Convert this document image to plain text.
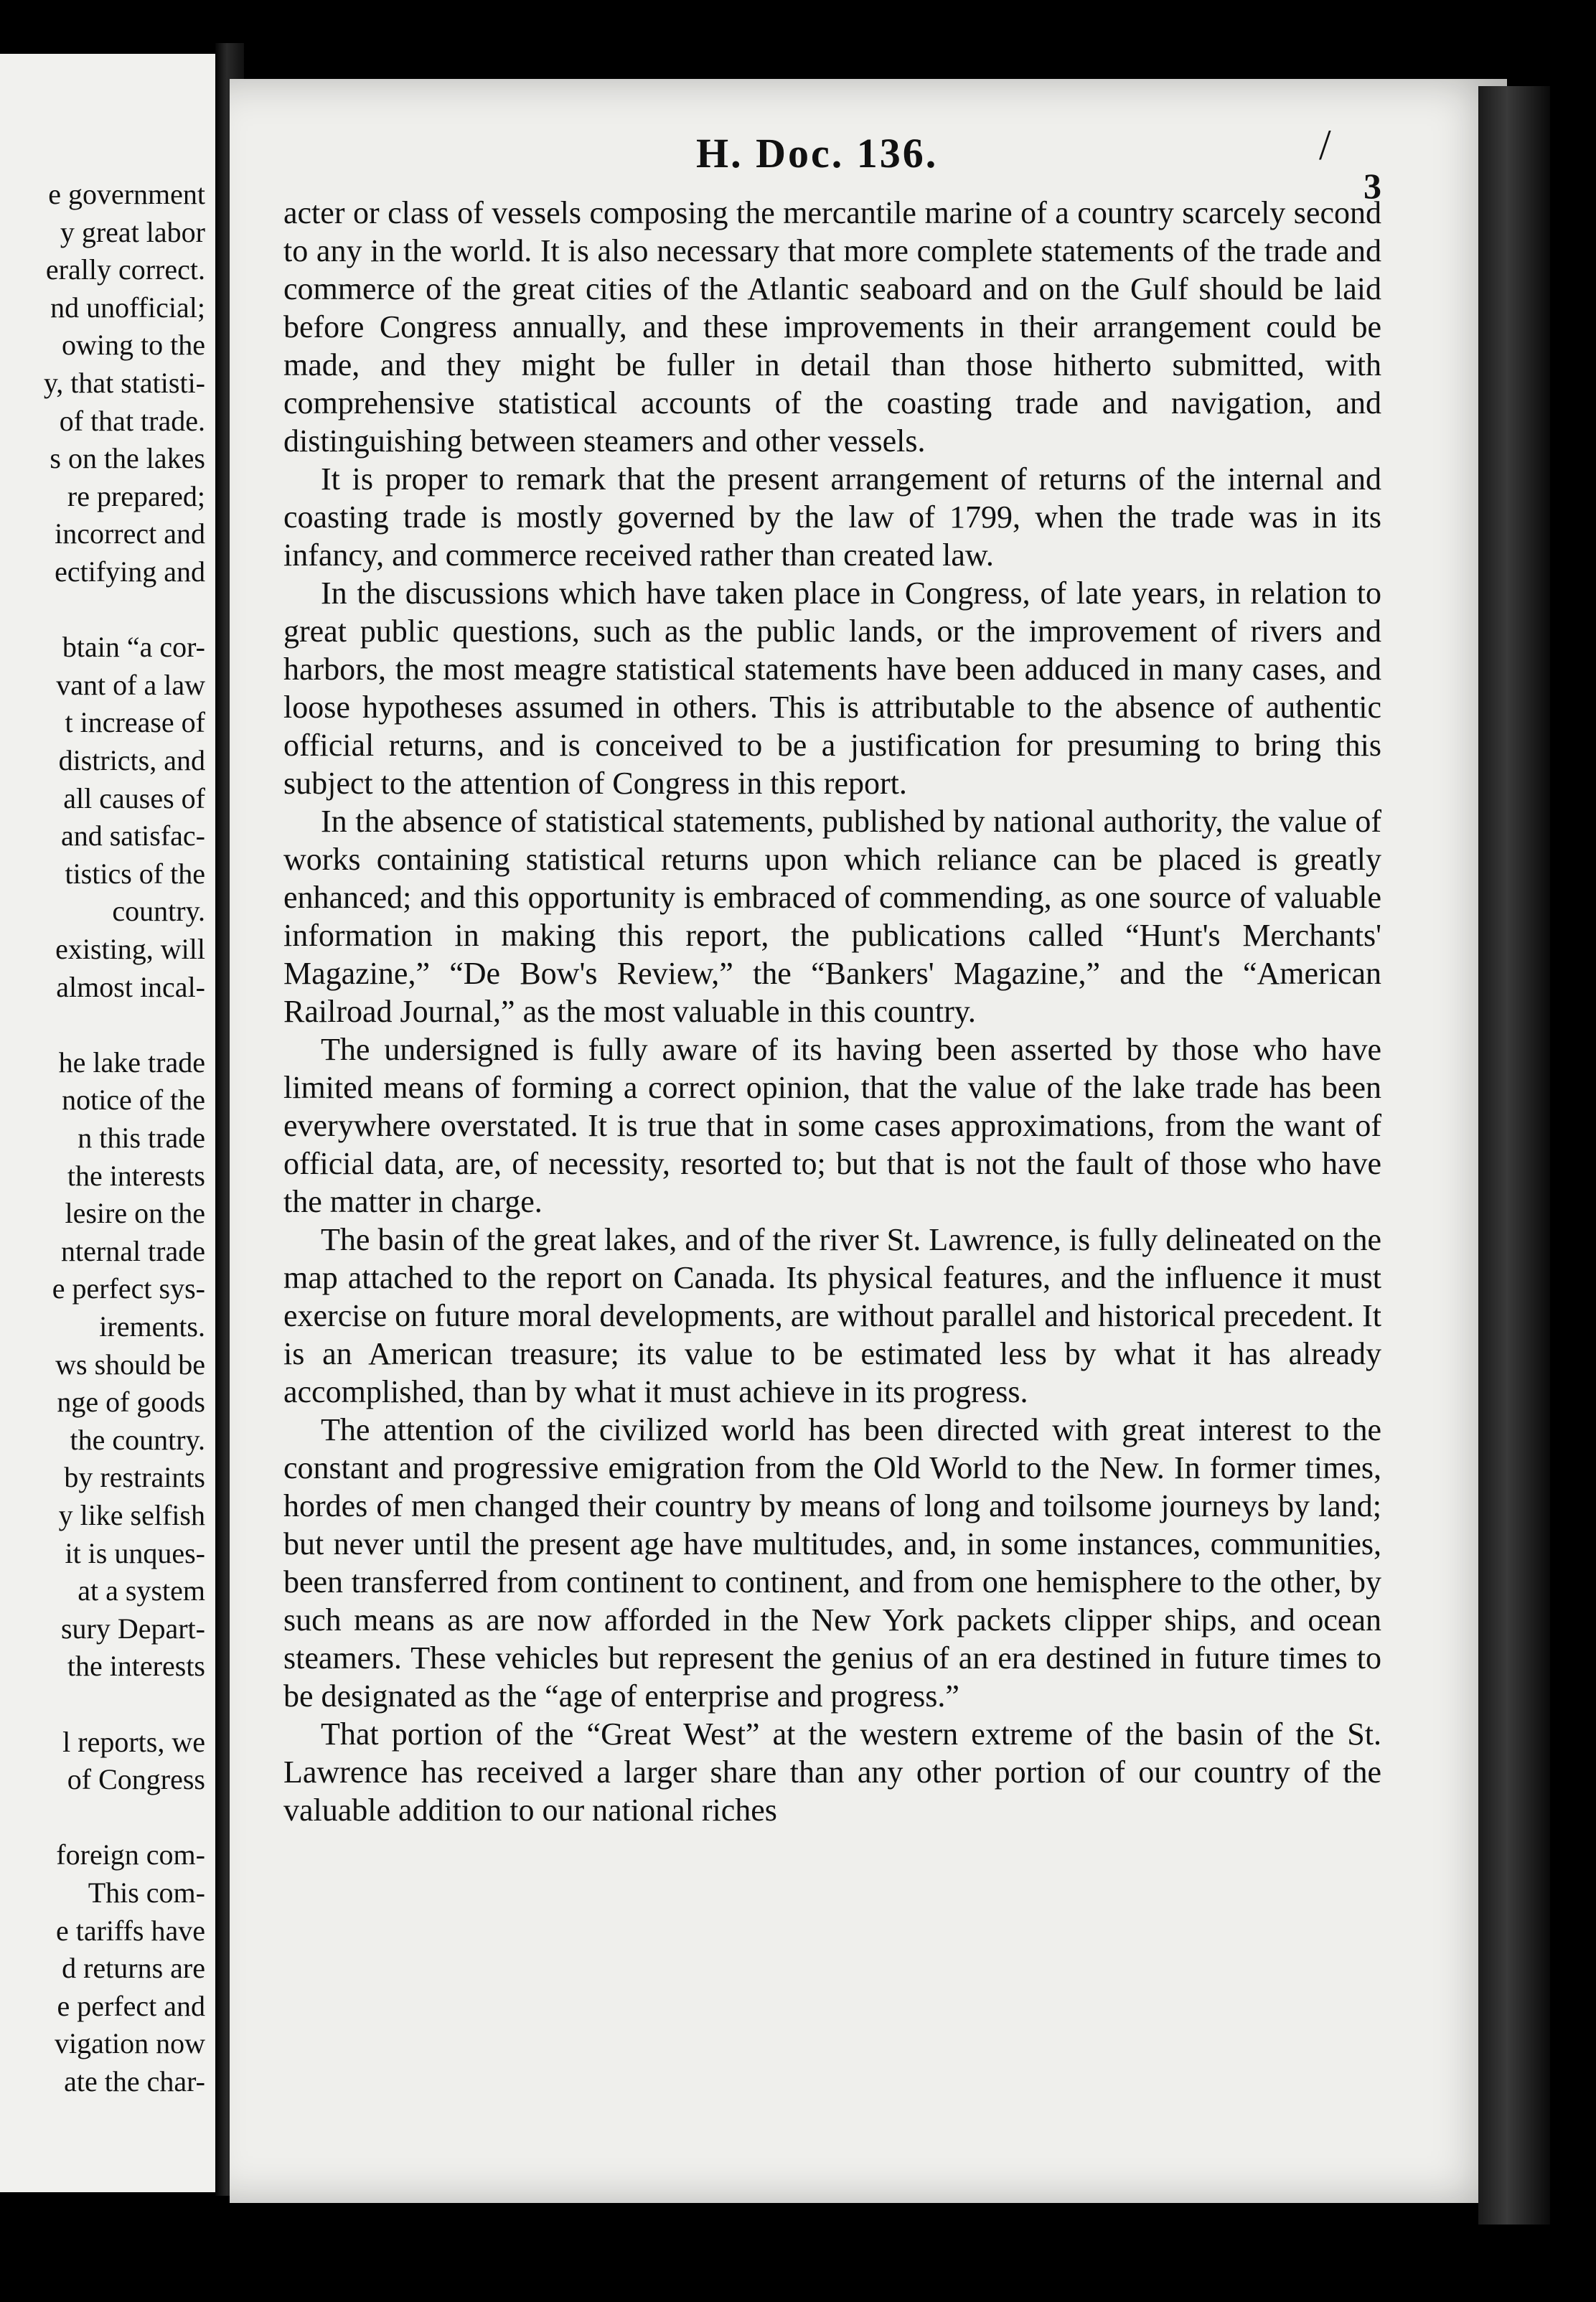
e government
y great labor
erally correct.
nd unofficial;
owing to the
y, that statisti-
of that trade.
s on the lakes
re prepared;
incorrect and
ectifying and
btain “a cor-
vant of a law
t increase of
districts, and
all causes of
and satisfac-
tistics of the
country.
existing, will
almost incal-
he lake trade
notice of the
n this trade
the interests
lesire on the
nternal trade
e perfect sys-
irements.
ws should be
nge of goods
the country.
by restraints
y like selfish
it is unques-
at a system
sury Depart-
the interests
l reports, we
of Congress
foreign com-
This com-
e tariffs have
d returns are
e perfect and
vigation now
ate the char-
H. Doc. 136.	/
3

acter or class of vessels composing the mercantile marine of a country scarcely second to any in the world. It is also necessary that more complete statements of the trade and commerce of the great cities of the Atlantic seaboard and on the Gulf should be laid before Congress annually, and these improvements in their arrangement could be made, and they might be fuller in detail than those hitherto submitted, with comprehensive statistical accounts of the coasting trade and navigation, and distinguishing between steamers and other vessels.

It is proper to remark that the present arrangement of returns of the internal and coasting trade is mostly governed by the law of 1799, when the trade was in its infancy, and commerce received rather than created law.

In the discussions which have taken place in Congress, of late years, in relation to great public questions, such as the public lands, or the improvement of rivers and harbors, the most meagre statistical statements have been adduced in many cases, and loose hypotheses assumed in others. This is attributable to the absence of authentic official returns, and is conceived to be a justification for presuming to bring this subject to the attention of Congress in this report.

In the absence of statistical statements, published by national authority, the value of works containing statistical returns upon which reliance can be placed is greatly enhanced; and this opportunity is embraced of commending, as one source of valuable information in making this report, the publications called “Hunt's Merchants' Magazine,” “De Bow's Review,” the “Bankers' Magazine,” and the “American Railroad Journal,” as the most valuable in this country.

The undersigned is fully aware of its having been asserted by those who have limited means of forming a correct opinion, that the value of the lake trade has been everywhere overstated. It is true that in some cases approximations, from the want of official data, are, of necessity, resorted to; but that is not the fault of those who have the matter in charge.

The basin of the great lakes, and of the river St. Lawrence, is fully delineated on the map attached to the report on Canada. Its physical features, and the influence it must exercise on future moral developments, are without parallel and historical precedent. It is an American treasure; its value to be estimated less by what it has already accomplished, than by what it must achieve in its progress.

The attention of the civilized world has been directed with great interest to the constant and progressive emigration from the Old World to the New. In former times, hordes of men changed their country by means of long and toilsome journeys by land; but never until the present age have multitudes, and, in some instances, communities, been transferred from continent to continent, and from one hemisphere to the other, by such means as are now afforded in the New York packets clipper ships, and ocean steamers. These vehicles but represent the genius of an era destined in future times to be designated as the “age of enterprise and progress.”

That portion of the “Great West” at the western extreme of the basin of the St. Lawrence has received a larger share than any other portion of our country of the valuable addition to our national riches
